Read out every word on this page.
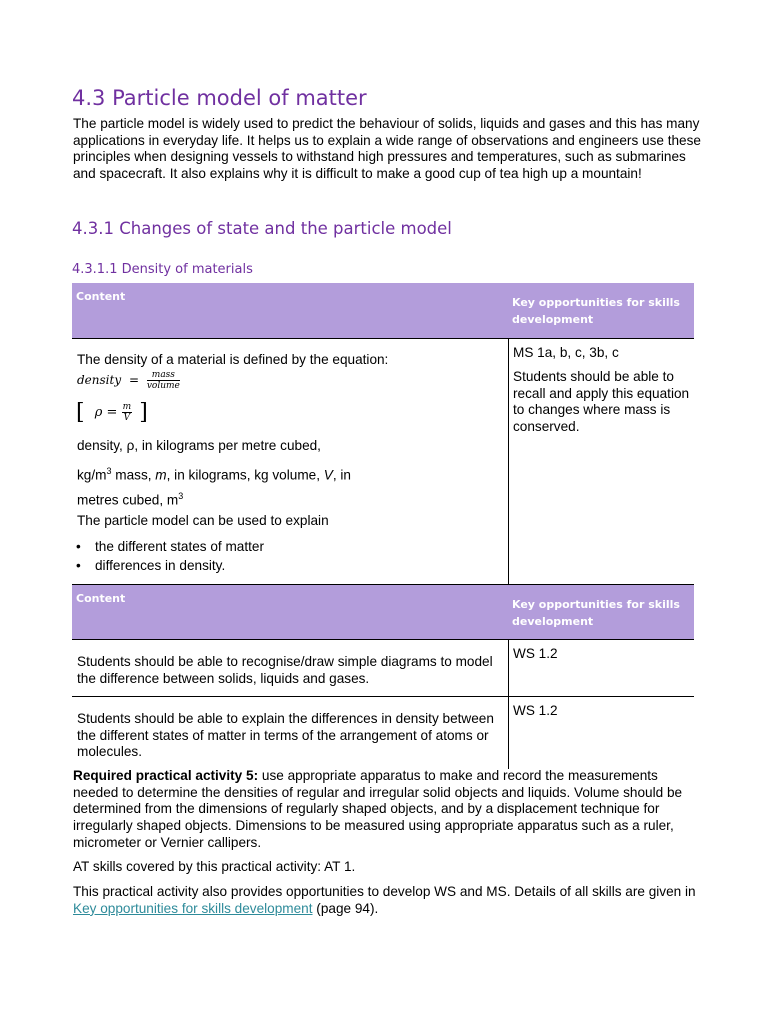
4.3 Particle model of matter

The particle model is widely used to predict the behaviour of solids, liquids and gases and this has many applications in everyday life. It helps us to explain a wide range of observations and engineers use these principles when designing vessels to withstand high pressures and temperatures, such as submarines and spacecraft. It also explains why it is difficult to make a good cup of tea high up a mountain!

4.3.1 Changes of state and the particle model
4.3.1.1 Density of materials
Content	Key opportunities for skills
development
The density of a material is defined by the equation:
density = $\frac{\text{mass}}{\text{volume}}$
[ $\rho = \frac{m}{V}$ ]
density, ρ, in kilograms per metre cubed,
$kg/m^3$ mass, m, in kilograms, kg volume, V, in
metres cubed, $m^3$
The particle model can be used to explain
• the different states of matter
• differences in density.
MS 1a, b, c, 3b, c
Students should be able to recall and apply this equation to changes where mass is conserved.
Content	Key opportunities for skills
development
Students should be able to recognise/draw simple diagrams to model the difference between solids, liquids and gases.
WS 1.2
Students should be able to explain the differences in density between the different states of matter in terms of the arrangement of atoms or molecules.
WS 1.2

Required practical activity 5: use appropriate apparatus to make and record the measurements needed to determine the densities of regular and irregular solid objects and liquids. Volume should be determined from the dimensions of regularly shaped objects, and by a displacement technique for irregularly shaped objects. Dimensions to be measured using appropriate apparatus such as a ruler, micrometer or Vernier callipers.

AT skills covered by this practical activity: AT 1.

This practical activity also provides opportunities to develop WS and MS. Details of all skills are given in Key opportunities for skills development (page 94).
